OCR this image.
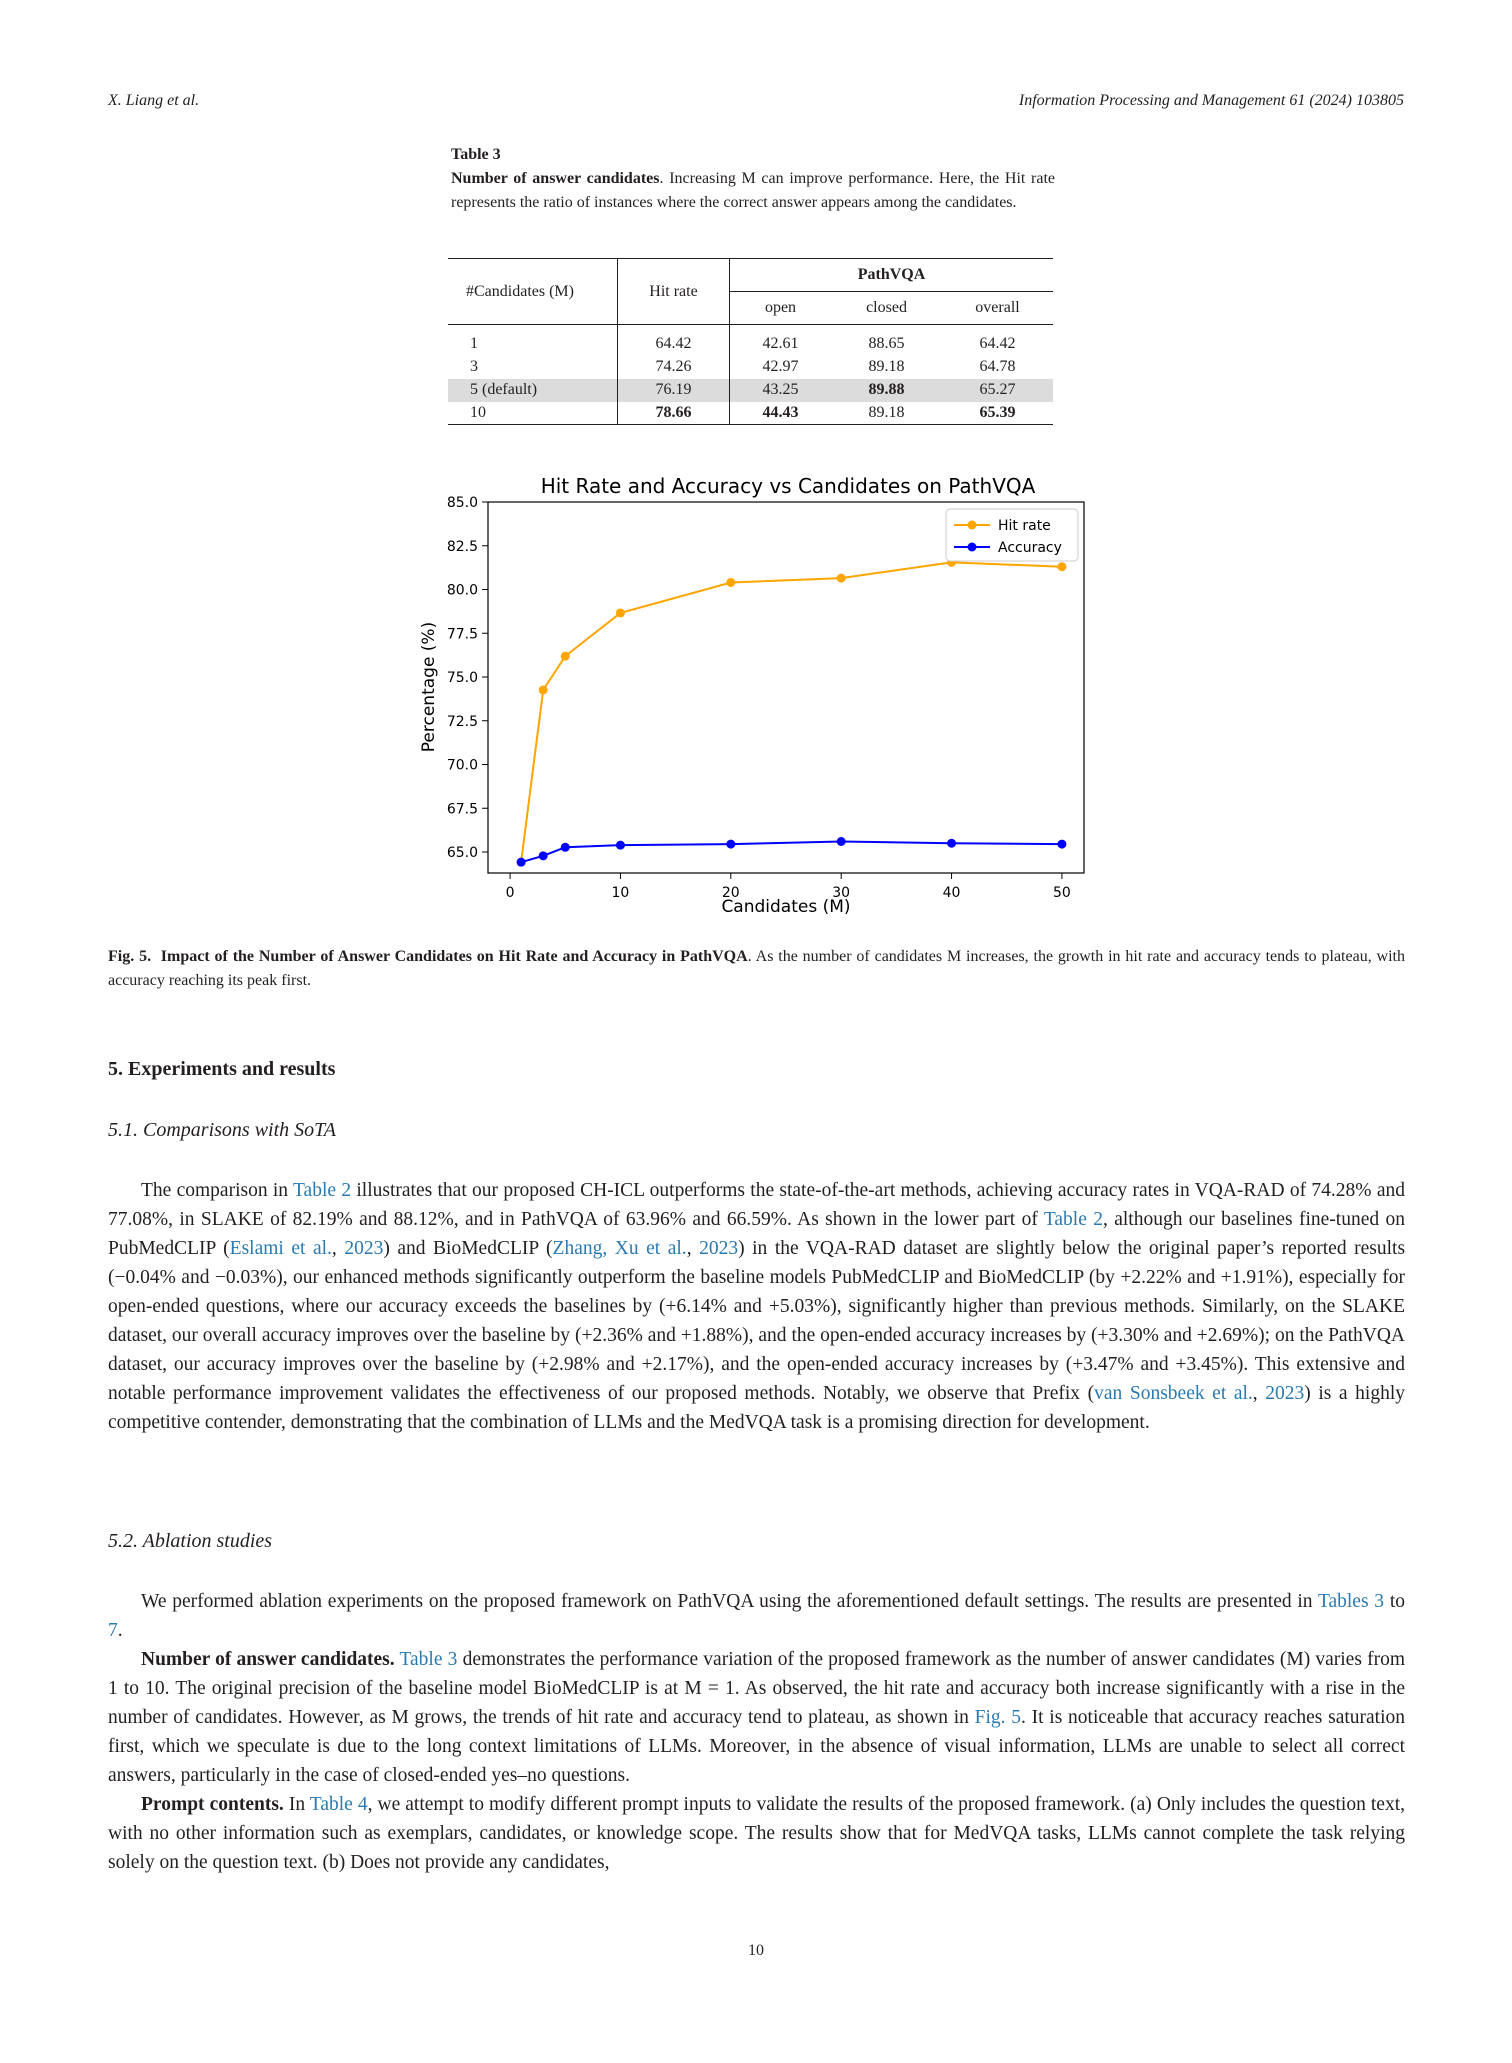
X. Liang et al.	Information Processing and Management 61 (2024) 103805
Table 3
Number of answer candidates. Increasing M can improve performance. Here, the Hit rate represents the ratio of instances where the correct answer appears among the candidates.
#Candidates (M)	Hit rate	PathVQA		
		open	closed	overall

1	64.42	42.61	88.65	64.42
3	74.26	42.97	89.18	64.78
5 (default)	76.19	43.25	89.88	65.27
10	78.66	44.43	89.18	65.39
Hit Rate and Accuracy vs Candidates on PathVQA
65.0
67.5
70.0
72.5
75.0
77.5
80.0
82.5
85.0
0	10	20	30	40	50
Candidates (M)
Percentage (%)
Hit rate
Accuracy
Fig. 5. Impact of the Number of Answer Candidates on Hit Rate and Accuracy in PathVQA. As the number of candidates M increases, the growth in hit rate and accuracy tends to plateau, with accuracy reaching its peak first.
5. Experiments and results
5.1. Comparisons with SoTA

The comparison in Table 2 illustrates that our proposed CH-ICL outperforms the state-of-the-art methods, achieving accuracy rates in VQA-RAD of 74.28% and 77.08%, in SLAKE of 82.19% and 88.12%, and in PathVQA of 63.96% and 66.59%. As shown in the lower part of Table 2, although our baselines fine-tuned on PubMedCLIP (Eslami et al., 2023) and BioMedCLIP (Zhang, Xu et al., 2023) in the VQA-RAD dataset are slightly below the original paper’s reported results (−0.04% and −0.03%), our enhanced methods significantly outperform the baseline models PubMedCLIP and BioMedCLIP (by +2.22% and +1.91%), especially for open-ended questions, where our accuracy exceeds the baselines by (+6.14% and +5.03%), significantly higher than previous methods. Similarly, on the SLAKE dataset, our overall accuracy improves over the baseline by (+2.36% and +1.88%), and the open-ended accuracy increases by (+3.30% and +2.69%); on the PathVQA dataset, our accuracy improves over the baseline by (+2.98% and +2.17%), and the open-ended accuracy increases by (+3.47% and +3.45%). This extensive and notable performance improvement validates the effectiveness of our proposed methods. Notably, we observe that Prefix (van Sonsbeek et al., 2023) is a highly competitive contender, demonstrating that the combination of LLMs and the MedVQA task is a promising direction for development.

5.2. Ablation studies

We performed ablation experiments on the proposed framework on PathVQA using the aforementioned default settings. The results are presented in Tables 3 to 7.

Number of answer candidates. Table 3 demonstrates the performance variation of the proposed framework as the number of answer candidates (M) varies from 1 to 10. The original precision of the baseline model BioMedCLIP is at M = 1. As observed, the hit rate and accuracy both increase significantly with a rise in the number of candidates. However, as M grows, the trends of hit rate and accuracy tend to plateau, as shown in Fig. 5. It is noticeable that accuracy reaches saturation first, which we speculate is due to the long context limitations of LLMs. Moreover, in the absence of visual information, LLMs are unable to select all correct answers, particularly in the case of closed-ended yes–no questions.

Prompt contents. In Table 4, we attempt to modify different prompt inputs to validate the results of the proposed framework. (a) Only includes the question text, with no other information such as exemplars, candidates, or knowledge scope. The results show that for MedVQA tasks, LLMs cannot complete the task relying solely on the question text. (b) Does not provide any candidates,

10
